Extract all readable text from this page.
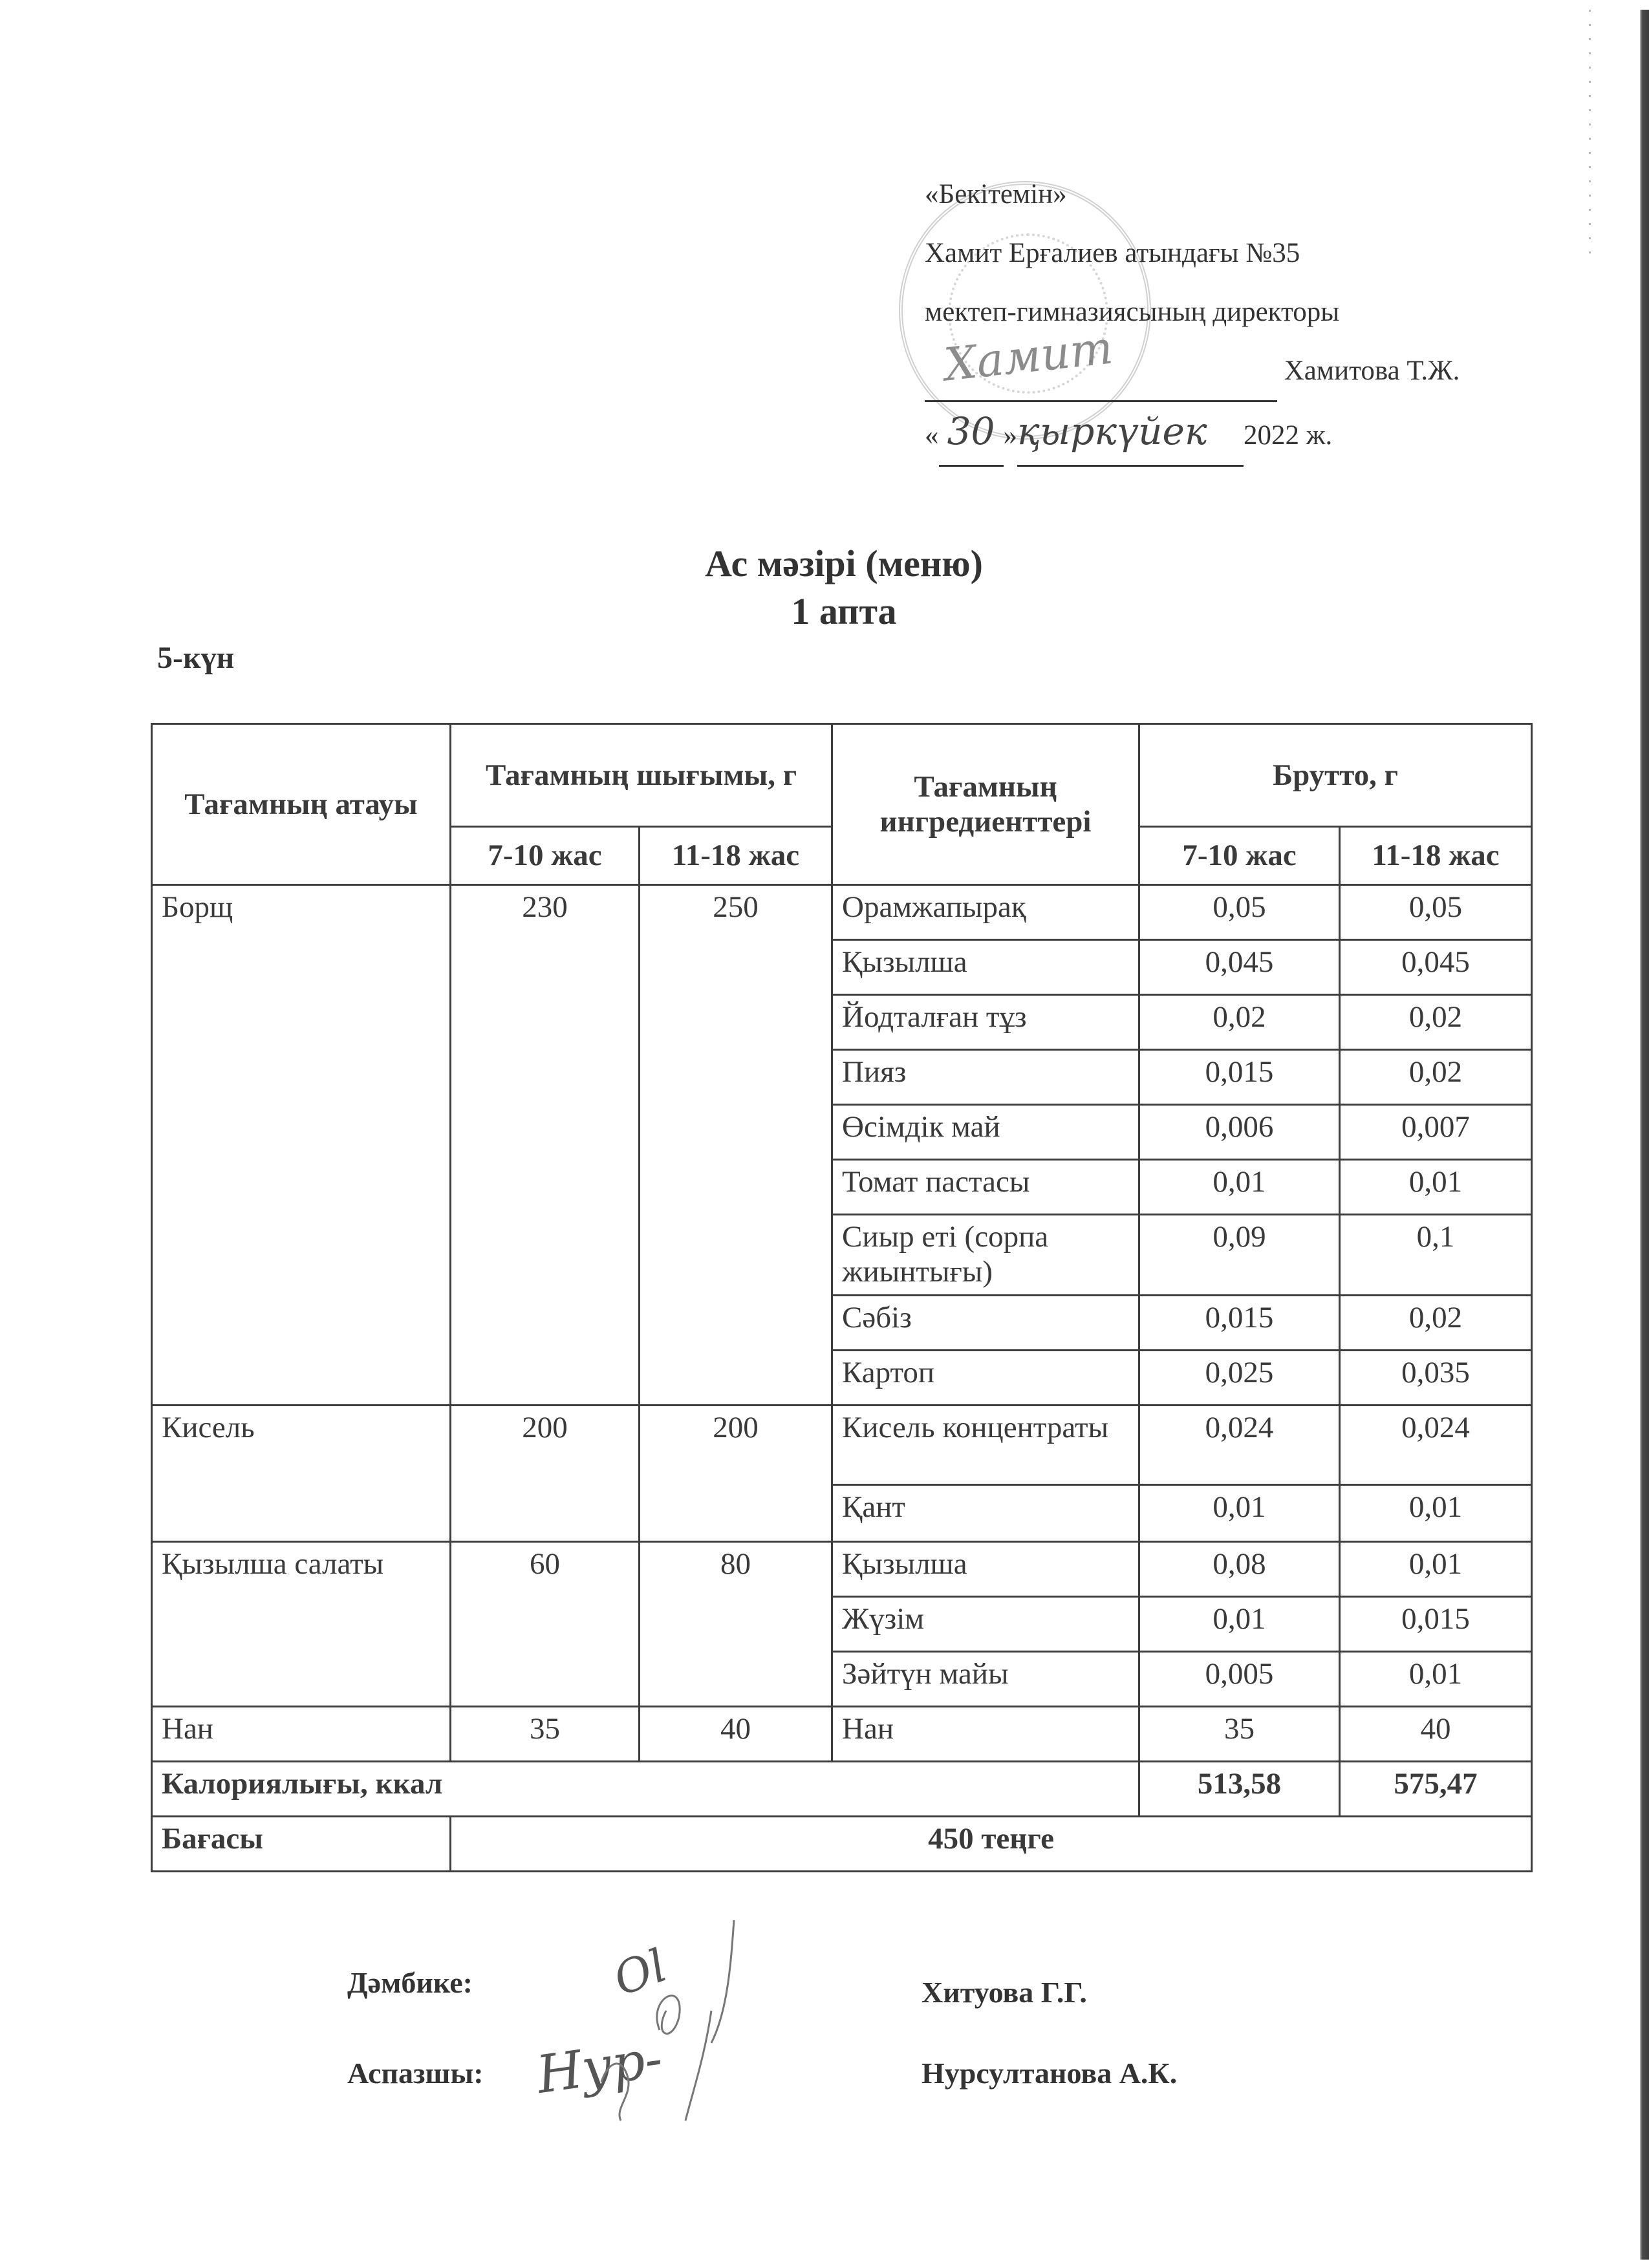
«Бекітемін»
Хамит Ерғалиев атындағы №35
мектеп-гимназиясының директоры
Хамитова Т.Ж.
« 30 »қыркүйек 2022 ж.
Хамит
Ас мәзірі (меню)
1 апта
5-күн
Тағамның атауы	Тағамның шығымы, г		Тағамның ингредиенттері	Брутто, г	
	7-10 жас	11-18 жас		7-10 жас	11-18 жас
Борщ	230	250	Орамжапырақ	0,05	0,05
			Қызылша	0,045	0,045
			Йодталған тұз	0,02	0,02
			Пияз	0,015	0,02
			Өсімдік май	0,006	0,007
			Томат пастасы	0,01	0,01
			Сиыр еті (сорпа жиынтығы)	0,09	0,1
			Сәбіз	0,015	0,02
			Картоп	0,025	0,035
Кисель	200	200	Кисель концентраты	0,024	0,024
			Қант	0,01	0,01
Қызылша салаты	60	80	Қызылша	0,08	0,01
			Жүзім	0,01	0,015
			Зәйтүн майы	0,005	0,01
Нан	35	40	Нан	35	40
Калориялығы, ккал				513,58	575,47
Бағасы	450 теңге				
Дәмбике:	Хитуова Г.Г.
Аспазшы:	Нурсултанова А.К.
Ol
Нур-
